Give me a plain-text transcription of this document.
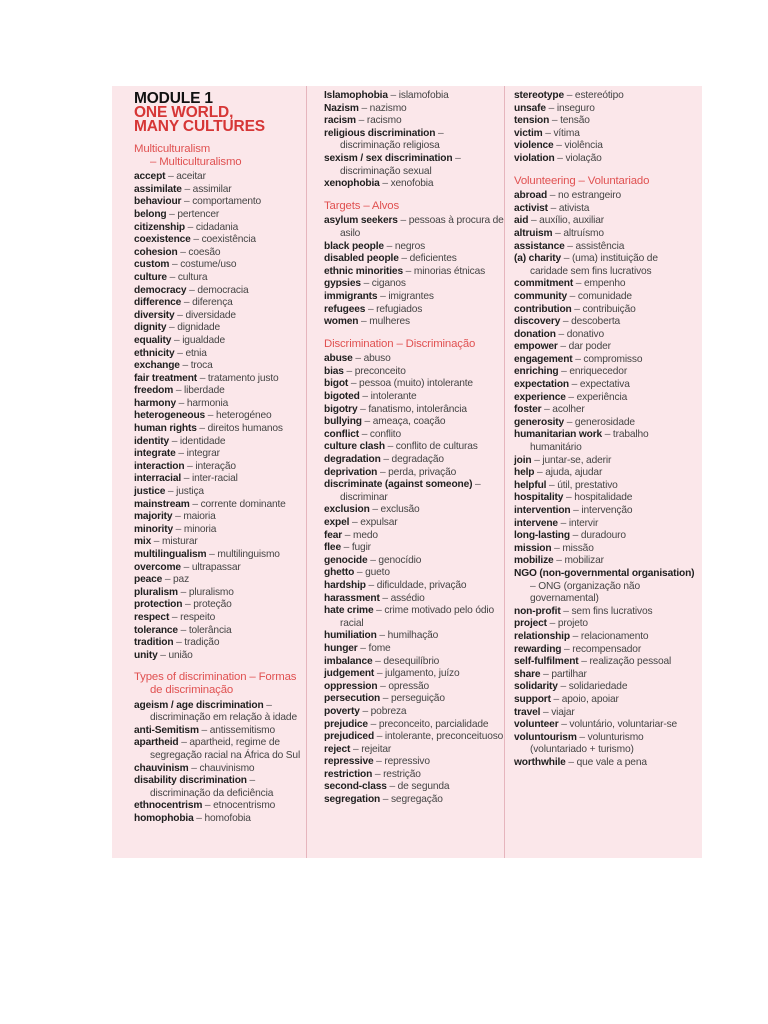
MODULE 1
ONE WORLD,
MANY CULTURES
Multiculturalism
– Multiculturalismo
accept – aceitar
assimilate – assimilar
behaviour – comportamento
belong – pertencer
citizenship – cidadania
coexistence – coexistência
cohesion – coesão
custom – costume/uso
culture – cultura
democracy – democracia
difference – diferença
diversity – diversidade
dignity – dignidade
equality – igualdade
ethnicity – etnia
exchange – troca
fair treatment – tratamento justo
freedom – liberdade
harmony – harmonia
heterogeneous – heterogéneo
human rights – direitos humanos
identity – identidade
integrate – integrar
interaction – interação
interracial – inter-racial
justice – justiça
mainstream – corrente dominante
majority – maioria
minority – minoria
mix – misturar
multilingualism – multilinguismo
overcome – ultrapassar
peace – paz
pluralism – pluralismo
protection – proteção
respect – respeito
tolerance – tolerância
tradition – tradição
unity – união
Types of discrimination – Formas
de discriminação
ageism / age discrimination – discriminação em relação à idade
anti-Semitism – antissemitismo
apartheid – apartheid, regime de segregação racial na África do Sul
chauvinism – chauvinismo
disability discrimination – discriminação da deficiência
ethnocentrism – etnocentrismo
homophobia – homofobia
Islamophobia – islamofobia
Nazism – nazismo
racism – racismo
religious discrimination – discriminação religiosa
sexism / sex discrimination – discriminação sexual
xenophobia – xenofobia
Targets – Alvos
asylum seekers – pessoas à procura de asilo
black people – negros
disabled people – deficientes
ethnic minorities – minorias étnicas
gypsies – ciganos
immigrants – imigrantes
refugees – refugiados
women – mulheres
Discrimination – Discriminação
abuse – abuso
bias – preconceito
bigot – pessoa (muito) intolerante
bigoted – intolerante
bigotry – fanatismo, intolerância
bullying – ameaça, coação
conflict – conflito
culture clash – conflito de culturas
degradation – degradação
deprivation – perda, privação
discriminate (against someone) – discriminar
exclusion – exclusão
expel – expulsar
fear – medo
flee – fugir
genocide – genocídio
ghetto – gueto
hardship – dificuldade, privação
harassment – assédio
hate crime – crime motivado pelo ódio racial
humiliation – humilhação
hunger – fome
imbalance – desequilíbrio
judgement – julgamento, juízo
oppression – opressão
persecution – perseguição
poverty – pobreza
prejudice – preconceito, parcialidade
prejudiced – intolerante, preconceituoso
reject – rejeitar
repressive – repressivo
restriction – restrição
second-class – de segunda
segregation – segregação
stereotype – estereótipo
unsafe – inseguro
tension – tensão
victim – vítima
violence – violência
violation – violação
Volunteering – Voluntariado
abroad – no estrangeiro
activist – ativista
aid – auxílio, auxiliar
altruism – altruísmo
assistance – assistência
(a) charity – (uma) instituição de caridade sem fins lucrativos
commitment – empenho
community – comunidade
contribution – contribuição
discovery – descoberta
donation – donativo
empower – dar poder
engagement – compromisso
enriching – enriquecedor
expectation – expectativa
experience – experiência
foster – acolher
generosity – generosidade
humanitarian work – trabalho humanitário
join – juntar-se, aderir
help – ajuda, ajudar
helpful – útil, prestativo
hospitality – hospitalidade
intervention – intervenção
intervene – intervir
long-lasting – duradouro
mission – missão
mobilize – mobilizar
NGO (non-governmental organisation) – ONG (organização não governamental)
non-profit – sem fins lucrativos
project – projeto
relationship – relacionamento
rewarding – recompensador
self-fulfilment – realização pessoal
share – partilhar
solidarity – solidariedade
support – apoio, apoiar
travel – viajar
volunteer – voluntário, voluntariar-se
voluntourism – volunturismo (voluntariado + turismo)
worthwhile – que vale a pena
